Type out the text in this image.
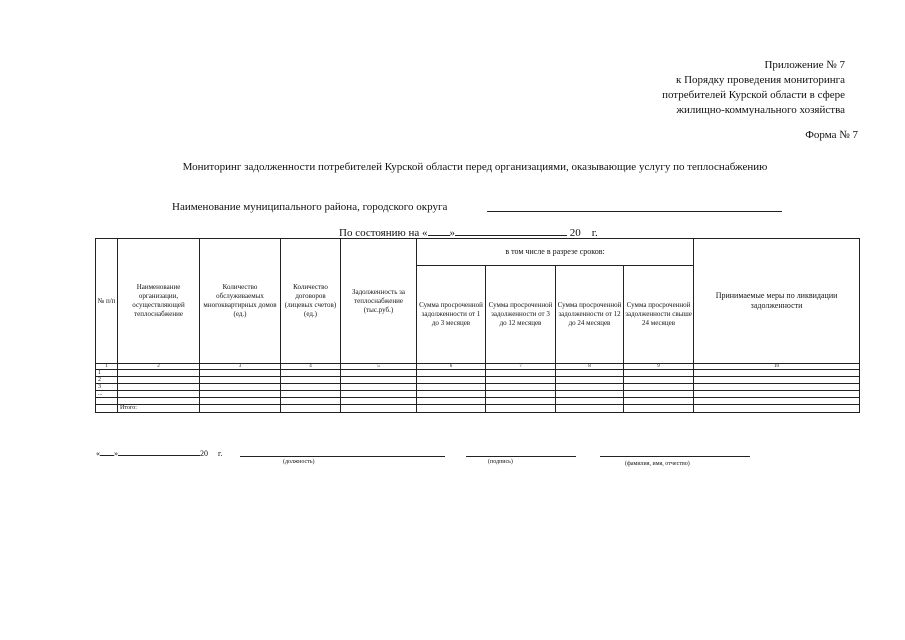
Приложение № 7
к Порядку проведения мониторинга
потребителей Курской области в сфере
жилищно-коммунального хозяйства
Форма № 7
Мониторинг задолженности потребителей Курской области перед организациями, оказывающие услугу по теплоснабжению
Наименование муниципального района, городского округа
По состоянию на « »	20 г.
№ п/п	Наименование организации, осуществляющей теплоснабжение	Количество обслуживаемых многоквартирных домов (ед.)	Количество договоров (лицевых счетов) (ед.)	Задолженность за теплоснабжение (тыс.руб.)	в том числе в разрезе сроков:				Принимаемые меры по ликвидации задолженности
					Сумма просроченной задолженности от 1 до 3 месяцев	Сумма просроченной задолженности от 3 до 12 месяцев	Сумма просроченной задолженности от 12 до 24 месяцев	Сумма просроченной задолженности свыше 24 месяцев	
1	2	3	4	5	6	7	8	9	10
1									
2									
3									
...									

	Итого:								
« »	20 г.
(должность)	(подпись)	(фамилия, имя, отчество)
